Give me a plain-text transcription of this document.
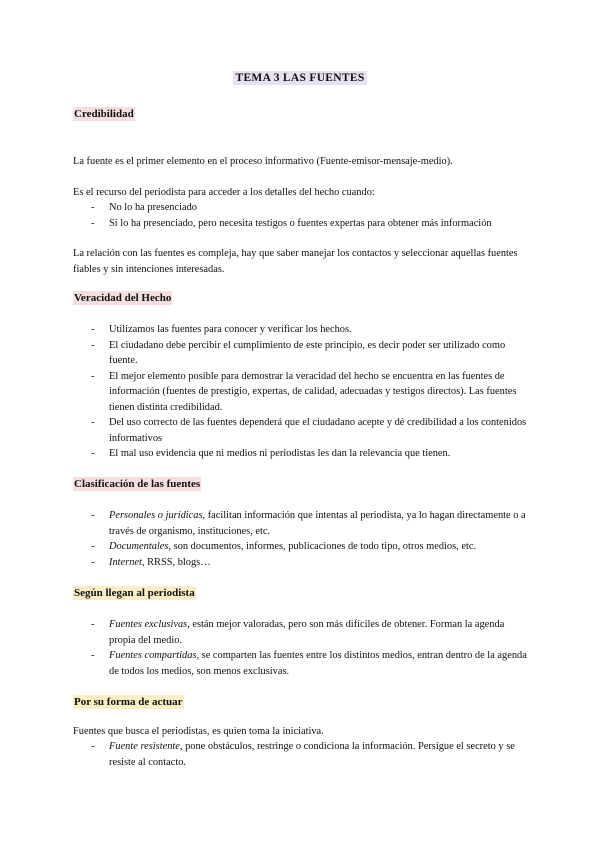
TEMA 3 LAS FUENTES
Credibilidad
La fuente es el primer elemento en el proceso informativo (Fuente-emisor-mensaje-medio).
Es el recurso del periodista para acceder a los detalles del hecho cuando:
- No lo ha presenciado
- Si lo ha presenciado, pero necesita testigos o fuentes expertas para obtener más información
La relación con las fuentes es compleja, hay que saber manejar los contactos y seleccionar aquellas fuentes fiables y sin intenciones interesadas.
Veracidad del Hecho
- Utilizamos las fuentes para conocer y verificar los hechos.
- El ciudadano debe percibir el cumplimiento de este principio, es decir poder ser utilizado como fuente.
- El mejor elemento posible para demostrar la veracidad del hecho se encuentra en las fuentes de información (fuentes de prestigio, expertas, de calidad, adecuadas y testigos directos). Las fuentes tienen distinta credibilidad.
- Del uso correcto de las fuentes dependerá que el ciudadano acepte y dé credibilidad a los contenidos informativos
- El mal uso evidencia que ni medios ni periodistas les dan la relevancia que tienen.
Clasificación de las fuentes
- Personales o jurídicas, facilitan información que intentas al periodista, ya lo hagan directamente o a través de organismo, instituciones, etc.
- Documentales, son documentos, informes, publicaciones de todo tipo, otros medios, etc.
- Internet, RRSS, blogs…
Según llegan al periodista
- Fuentes exclusivas, están mejor valoradas, pero son más difíciles de obtener. Forman la agenda propia del medio.
- Fuentes compartidas, se comparten las fuentes entre los distintos medios, entran dentro de la agenda de todos los medios, son menos exclusivas.
Por su forma de actuar
Fuentes que busca el periodistas, es quien toma la iniciativa.
- Fuente resistente, pone obstáculos, restringe o condiciona la información. Persigue el secreto y se resiste al contacto.
